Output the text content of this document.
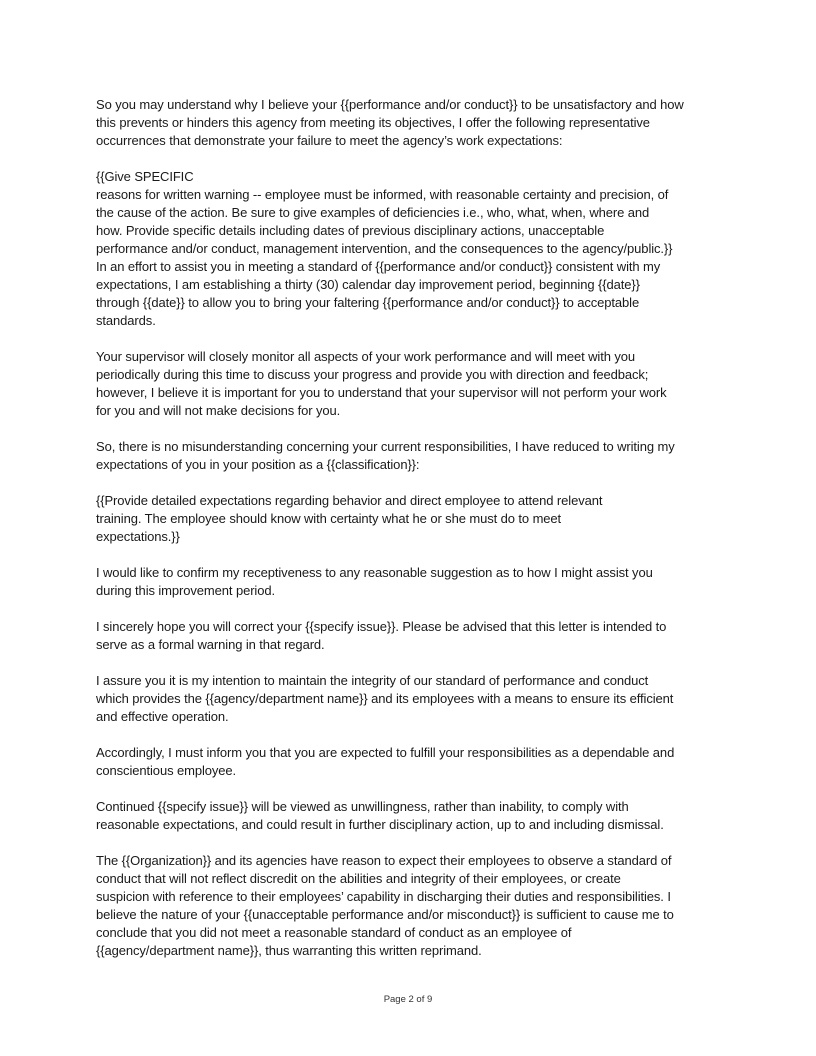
So you may understand why I believe your {{performance and/or conduct}} to be unsatisfactory and how
this prevents or hinders this agency from meeting its objectives, I offer the following representative
occurrences that demonstrate your failure to meet the agency’s work expectations:

{{Give SPECIFIC
reasons for written warning -- employee must be informed, with reasonable certainty and precision, of
the cause of the action. Be sure to give examples of deficiencies i.e., who, what, when, where and
how. Provide specific details including dates of previous disciplinary actions, unacceptable
performance and/or conduct, management intervention, and the consequences to the agency/public.}}
In an effort to assist you in meeting a standard of {{performance and/or conduct}} consistent with my
expectations, I am establishing a thirty (30) calendar day improvement period, beginning {{date}}
through {{date}} to allow you to bring your faltering {{performance and/or conduct}} to acceptable
standards.

Your supervisor will closely monitor all aspects of your work performance and will meet with you
periodically during this time to discuss your progress and provide you with direction and feedback;
however, I believe it is important for you to understand that your supervisor will not perform your work
for you and will not make decisions for you.

So, there is no misunderstanding concerning your current responsibilities, I have reduced to writing my
expectations of you in your position as a {{classification}}:

{{Provide detailed expectations regarding behavior and direct employee to attend relevant
training. The employee should know with certainty what he or she must do to meet
expectations.}}

I would like to confirm my receptiveness to any reasonable suggestion as to how I might assist you
during this improvement period.

I sincerely hope you will correct your {{specify issue}}. Please be advised that this letter is intended to
serve as a formal warning in that regard.

I assure you it is my intention to maintain the integrity of our standard of performance and conduct
which provides the {{agency/department name}} and its employees with a means to ensure its efficient
and effective operation.

Accordingly, I must inform you that you are expected to fulfill your responsibilities as a dependable and
conscientious employee.

Continued {{specify issue}} will be viewed as unwillingness, rather than inability, to comply with
reasonable expectations, and could result in further disciplinary action, up to and including dismissal.

The {{Organization}} and its agencies have reason to expect their employees to observe a standard of
conduct that will not reflect discredit on the abilities and integrity of their employees, or create
suspicion with reference to their employees’ capability in discharging their duties and responsibilities. I
believe the nature of your {{unacceptable performance and/or misconduct}} is sufficient to cause me to
conclude that you did not meet a reasonable standard of conduct as an employee of
{{agency/department name}}, thus warranting this written reprimand.

Page 2 of 9
